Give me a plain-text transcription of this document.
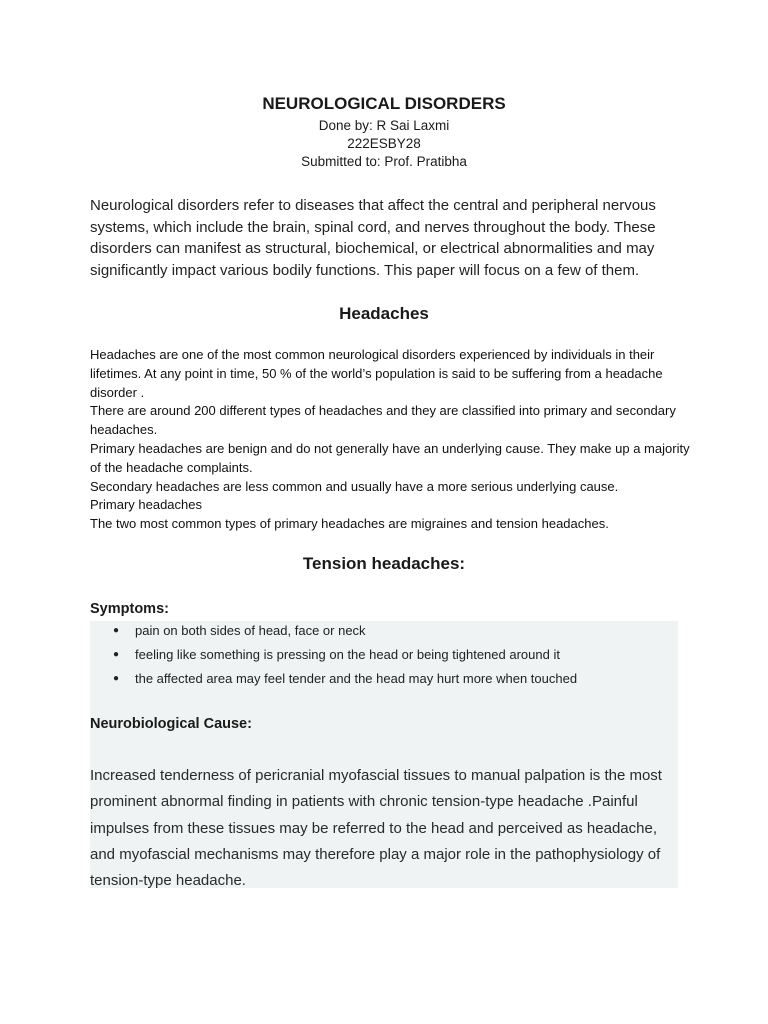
NEUROLOGICAL DISORDERS

Done by: R Sai Laxmi

222ESBY28

Submitted to: Prof. Pratibha

Neurological disorders refer to diseases that affect the central and peripheral nervous systems, which include the brain, spinal cord, and nerves throughout the body. These disorders can manifest as structural, biochemical, or electrical abnormalities and may significantly impact various bodily functions. This paper will focus on a few of them.

Headaches
Headaches are one of the most common neurological disorders experienced by individuals in their lifetimes. At any point in time, 50 % of the world’s population is said to be suffering from a headache disorder .
There are around 200 different types of headaches and they are classified into primary and secondary headaches.
Primary headaches are benign and do not generally have an underlying cause. They make up a majority of the headache complaints.
Secondary headaches are less common and usually have a more serious underlying cause.
Primary headaches
The two most common types of primary headaches are migraines and tension headaches.
Tension headaches:
Symptoms:
● pain on both sides of head, face or neck
● feeling like something is pressing on the head or being tightened around it
● the affected area may feel tender and the head may hurt more when touched
Neurobiological Cause:

Increased tenderness of pericranial myofascial tissues to manual palpation is the most prominent abnormal finding in patients with chronic tension-type headache .Painful impulses from these tissues may be referred to the head and perceived as headache, and myofascial mechanisms may therefore play a major role in the pathophysiology of tension-type headache.
